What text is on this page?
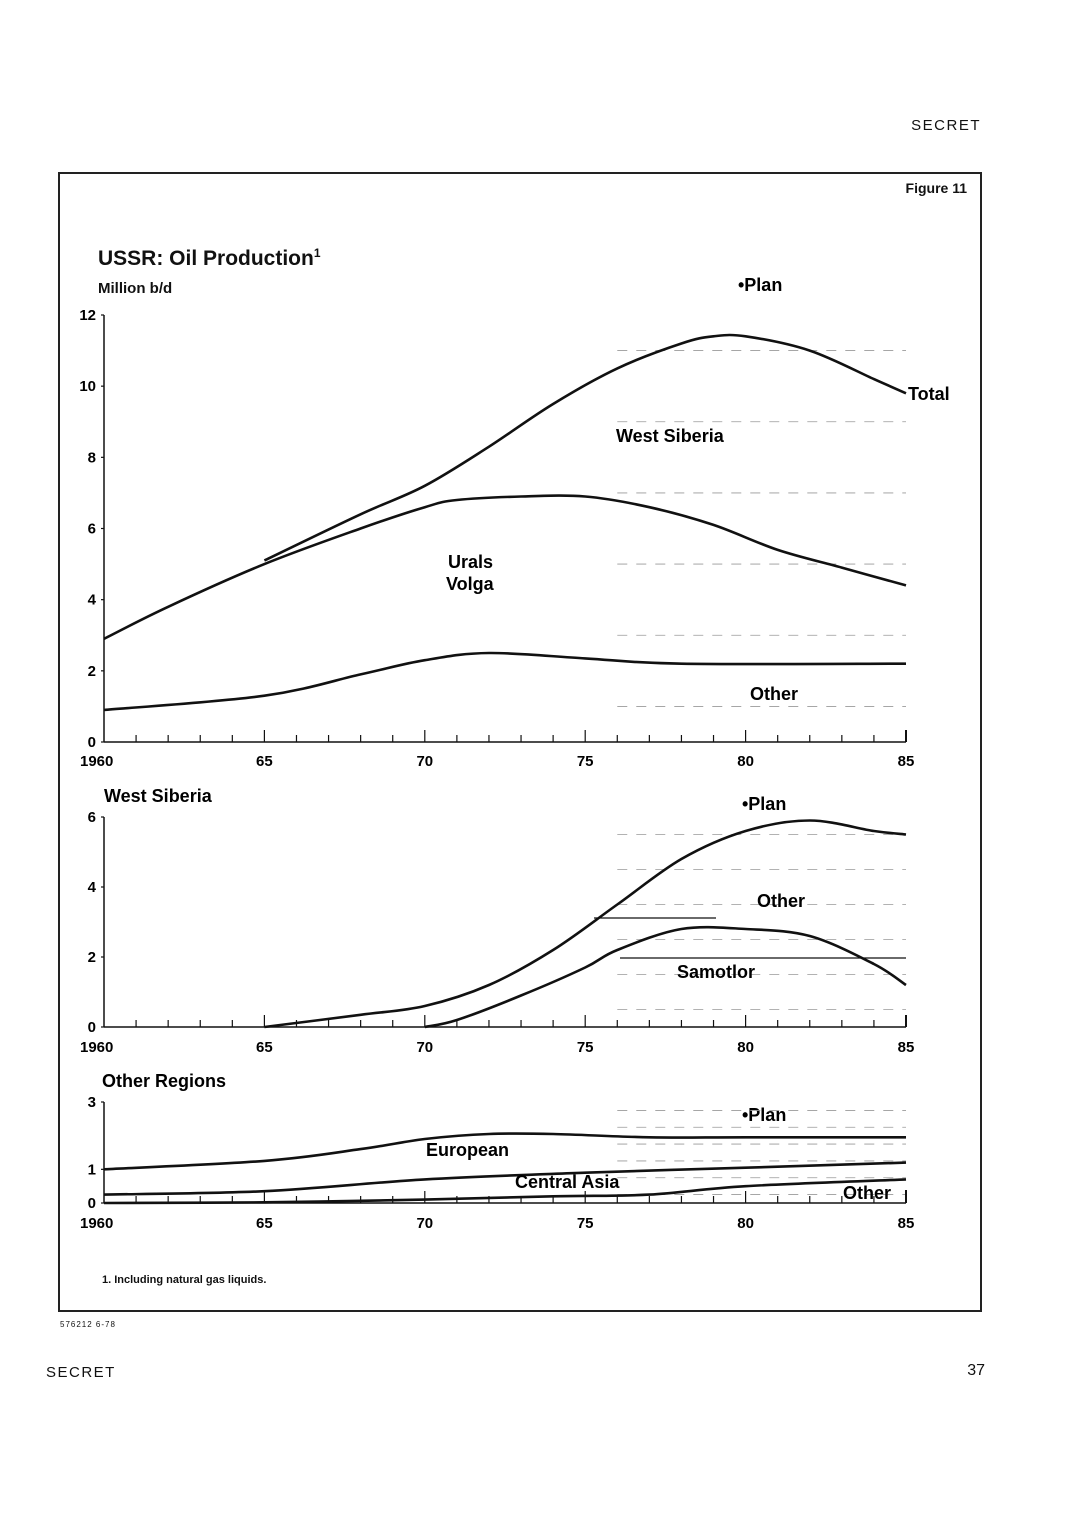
SECRET
Figure 11
USSR: Oil Production$^1$
Million b/d
0
2
4
6
8
10
12
1960	65	70	75	80	85
•Plan
Total
West Siberia
Urals
Volga
Other
0
2
4
6
1960	65	70	75	80	85
West Siberia	•Plan
Other
Samotlor
0
1
3
1960	65	70	75	80	85
Other Regions
•Plan
European
Central Asia
Other
1. Including natural gas liquids.
576212 6-78
SECRET	37
